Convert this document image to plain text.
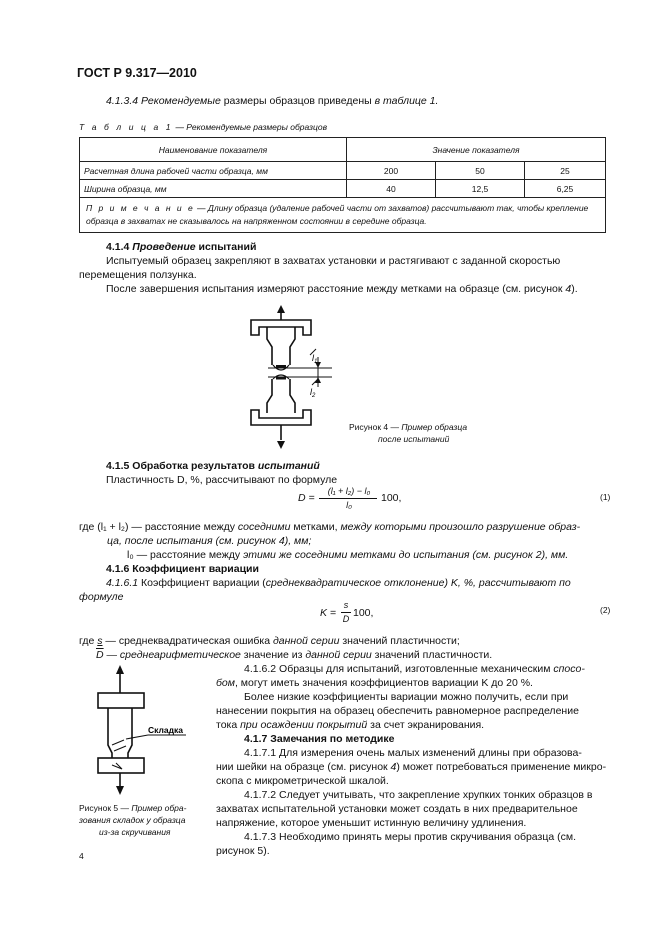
ГОСТ Р 9.317—2010
4.1.3.4 Рекомендуемые размеры образцов приведены в таблице 1.
Т а б л и ц а 1 — Рекомендуемые размеры образцов
Наименование показателя	Значение показателя		
Расчетная длина рабочей части образца, мм	200	50	25
Ширина образца, мм	40	12,5	6,25
П р и м е ч а н и е — Длину образца (удаление рабочей части от захватов) рассчитывают так, чтобы крепление образца в захватах не сказывалось на напряженном состоянии в середине образца.			
4.1.4 Проведение испытаний
Испытуемый образец закрепляют в захватах установки и растягивают с заданной скоростью
перемещения ползунка.
После завершения испытания измеряют расстояние между метками на образце (см. рисунок 4).
$l_1$
$l_2$
Рисунок 4 — Пример образца
после испытаний
4.1.5 Обработка результатов испытаний
Пластичность D, %, рассчитывают по формуле
D =
(l₁ + l₂) − l₀
l₀
100,	(1)
где (l₁ + l₂) — расстояние между соседними метками, между которыми произошло разрушение образ-
ца, после испытания (см. рисунок 4), мм;
l₀ — расстояние между этими же соседними метками до испытания (см. рисунок 2), мм.
4.1.6 Коэффициент вариации
4.1.6.1 Коэффициент вариации (среднеквадратическое отклонение) K, %, рассчитывают по
формуле
K =
s
D 100,	(2)
где s — среднеквадратическая ошибка данной серии значений пластичности;
$\overline{D}$ — среднеарифметическое значение из данной серии значений пластичности.
4.1.6.2 Образцы для испытаний, изготовленные механическим спосо-
бом, могут иметь значения коэффициентов вариации K до 20 %.
Более низкие коэффициенты вариации можно получить, если при
нанесении покрытия на образец обеспечить равномерное распределение
тока при осаждении покрытий за счет экранирования.
4.1.7 Замечания по методике
4.1.7.1 Для измерения очень малых изменений длины при образова-
нии шейки на образце (см. рисунок 4) может потребоваться применение микро-
скопа с микрометрической шкалой.
4.1.7.2 Следует учитывать, что закрепление хрупких тонких образцов в
захватах испытательной установки может создать в них предварительное
напряжение, которое уменьшит истинную величину удлинения.
4.1.7.3 Необходимо принять меры против скручивания образца (см.
рисунок 5).
Складка
Рисунок 5 — Пример обра-
зования складок у образца
из-за скручивания
4
